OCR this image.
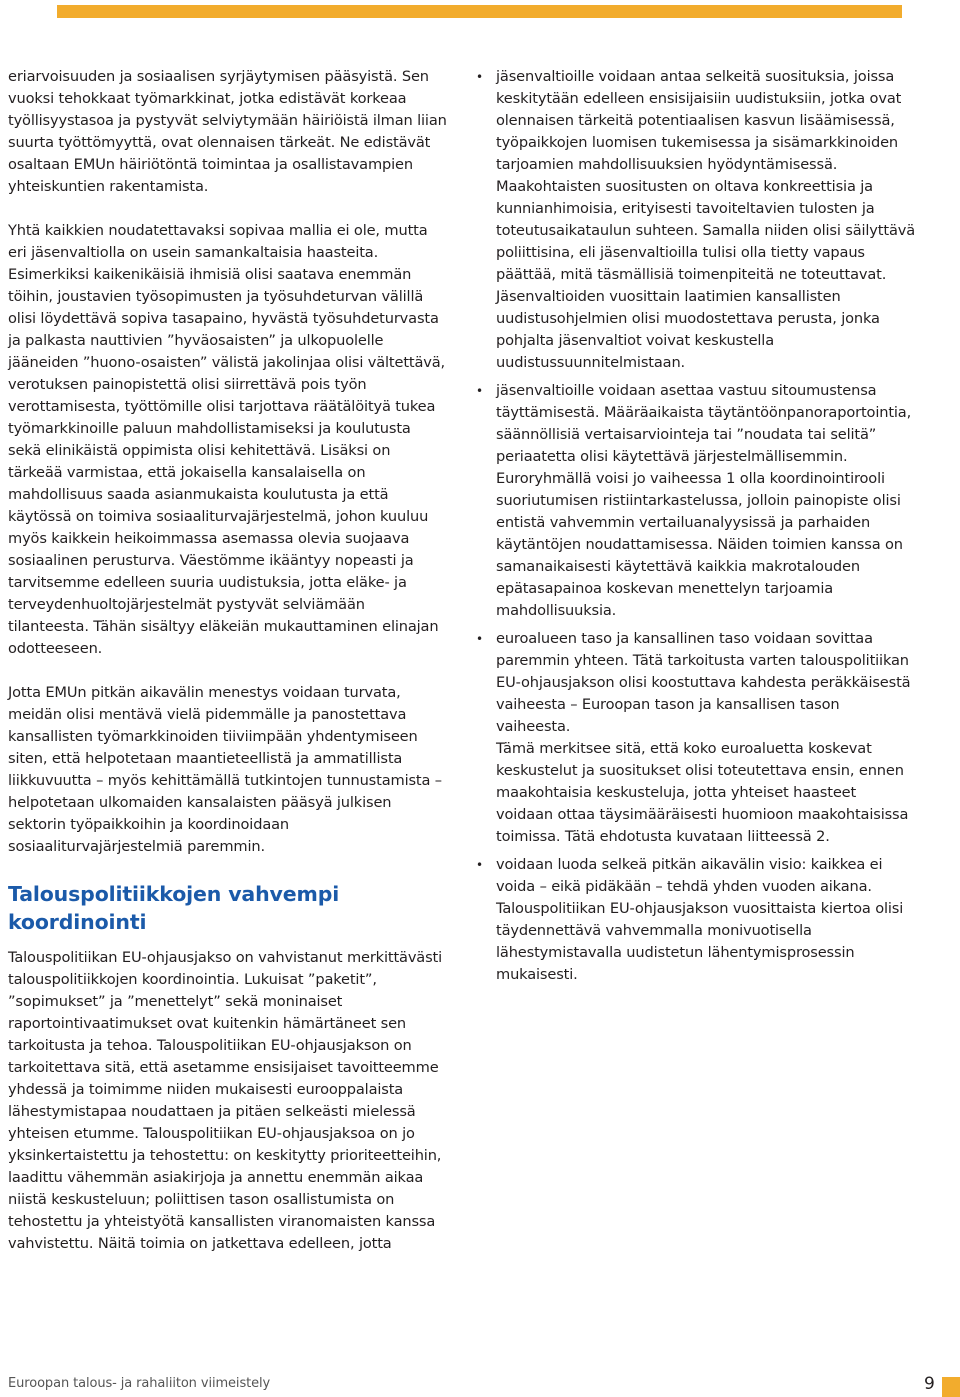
eriarvoisuuden ja sosiaalisen syrjäytymisen pääsyistä. Sen vuoksi tehokkaat työmarkkinat, jotka edistävät korkeaa työllisyystasoa ja pystyvät selviytymään häiriöistä ilman liian suurta työttömyyttä, ovat olennaisen tärkeät. Ne edistävät osaltaan EMUn häiriötöntä toimintaa ja osallistavampien yhteiskuntien rakentamista.

Yhtä kaikkien noudatettavaksi sopivaa mallia ei ole, mutta eri jäsenvaltiolla on usein samankaltaisia haasteita. Esimerkiksi kaikenikäisiä ihmisiä olisi saatava enemmän töihin, joustavien työsopimusten ja työsuhdeturvan välillä olisi löydettävä sopiva tasapaino, hyvästä työsuhdeturvasta ja palkasta nauttivien ”hyväosaisten” ja ulkopuolelle jääneiden ”huono-osaisten” välistä jakolinjaa olisi vältettävä, verotuksen painopistettä olisi siirrettävä pois työn verottamisesta, työttömille olisi tarjottava räätälöityä tukea työmarkkinoille paluun mahdollistamiseksi ja koulutusta sekä elinikäistä oppimista olisi kehitettävä. Lisäksi on tärkeää varmistaa, että jokaisella kansalaisella on mahdollisuus saada asianmukaista koulutusta ja että käytössä on toimiva sosiaaliturvajärjestelmä, johon kuuluu myös kaikkein heikoimmassa asemassa olevia suojaava sosiaalinen perusturva. Väestömme ikääntyy nopeasti ja tarvitsemme edelleen suuria uudistuksia, jotta eläke- ja terveydenhuoltojärjestelmät pystyvät selviämään tilanteesta. Tähän sisältyy eläkeiän mukauttaminen elinajan odotteeseen.

Jotta EMUn pitkän aikavälin menestys voidaan turvata, meidän olisi mentävä vielä pidemmälle ja panostettava kansallisten työmarkkinoiden tiiviimpään yhdentymiseen siten, että helpotetaan maantieteellistä ja ammatillista liikkuvuutta – myös kehittämällä tutkintojen tunnustamista – helpotetaan ulkomaiden kansalaisten pääsyä julkisen sektorin työpaikkoihin ja koordinoidaan sosiaaliturvajärjestelmiä paremmin.

Talouspolitiikkojen vahvempi koordinointi

Talouspolitiikan EU-ohjausjakso on vahvistanut merkittävästi talouspolitiikkojen koordinointia. Lukuisat ”paketit”, ”sopimukset” ja ”menettelyt” sekä moninaiset raportointivaatimukset ovat kuitenkin hämärtäneet sen tarkoitusta ja tehoa. Talouspolitiikan EU-ohjausjakson on tarkoitettava sitä, että asetamme ensisijaiset tavoitteemme yhdessä ja toimimme niiden mukaisesti eurooppalaista lähestymistapaa noudattaen ja pitäen selkeästi mielessä yhteisen etumme. Talouspolitiikan EU-ohjausjaksoa on jo yksinkertaistettu ja tehostettu: on keskitytty prioriteetteihin, laadittu vähemmän asiakirjoja ja annettu enemmän aikaa niistä keskusteluun; poliittisen tason osallistumista on tehostettu ja yhteistyötä kansallisten viranomaisten kanssa vahvistettu. Näitä toimia on jatkettava edelleen, jotta

• jäsenvaltioille voidaan antaa selkeitä suosituksia, joissa keskitytään edelleen ensisijaisiin uudistuksiin, jotka ovat olennaisen tärkeitä potentiaalisen kasvun lisäämisessä, työpaikkojen luomisen tukemisessa ja sisämarkkinoiden tarjoamien mahdollisuuksien hyödyntämisessä. Maakohtaisten suositusten on oltava konkreettisia ja kunnianhimoisia, erityisesti tavoiteltavien tulosten ja toteutusaikataulun suhteen. Samalla niiden olisi säilyttävä poliittisina, eli jäsenvaltioilla tulisi olla tietty vapaus päättää, mitä täsmällisiä toimenpiteitä ne toteuttavat. Jäsenvaltioiden vuosittain laatimien kansallisten uudistusohjelmien olisi muodostettava perusta, jonka pohjalta jäsenvaltiot voivat keskustella uudistussuunnitelmistaan.
• jäsenvaltioille voidaan asettaa vastuu sitoumustensa täyttämisestä. Määräaikaista täytäntöönpanoraportointia, säännöllisiä vertaisarviointeja tai ”noudata tai selitä” periaatetta olisi käytettävä järjestelmällisemmin. Euroryhmällä voisi jo vaiheessa 1 olla koordinointirooli suoriutumisen ristiintarkastelussa, jolloin painopiste olisi entistä vahvemmin vertailuanalyysissä ja parhaiden käytäntöjen noudattamisessa. Näiden toimien kanssa on samanaikaisesti käytettävä kaikkia makrotalouden epätasapainoa koskevan menettelyn tarjoamia mahdollisuuksia.
• euroalueen taso ja kansallinen taso voidaan sovittaa paremmin yhteen. Tätä tarkoitusta varten talouspolitiikan EU-ohjausjakson olisi koostuttava kahdesta peräkkäisestä vaiheesta – Euroopan tason ja kansallisen tason vaiheesta.
Tämä merkitsee sitä, että koko euroaluetta koskevat keskustelut ja suositukset olisi toteutettava ensin, ennen maakohtaisia keskusteluja, jotta yhteiset haasteet voidaan ottaa täysimääräisesti huomioon maakohtaisissa toimissa. Tätä ehdotusta kuvataan liitteessä 2.
• voidaan luoda selkeä pitkän aikavälin visio: kaikkea ei voida – eikä pidäkään – tehdä yhden vuoden aikana. Talouspolitiikan EU-ohjausjakson vuosittaista kiertoa olisi täydennettävä vahvemmalla monivuotisella lähestymistavalla uudistetun lähentymisprosessin mukaisesti.
Euroopan talous- ja rahaliiton viimeistely	9
